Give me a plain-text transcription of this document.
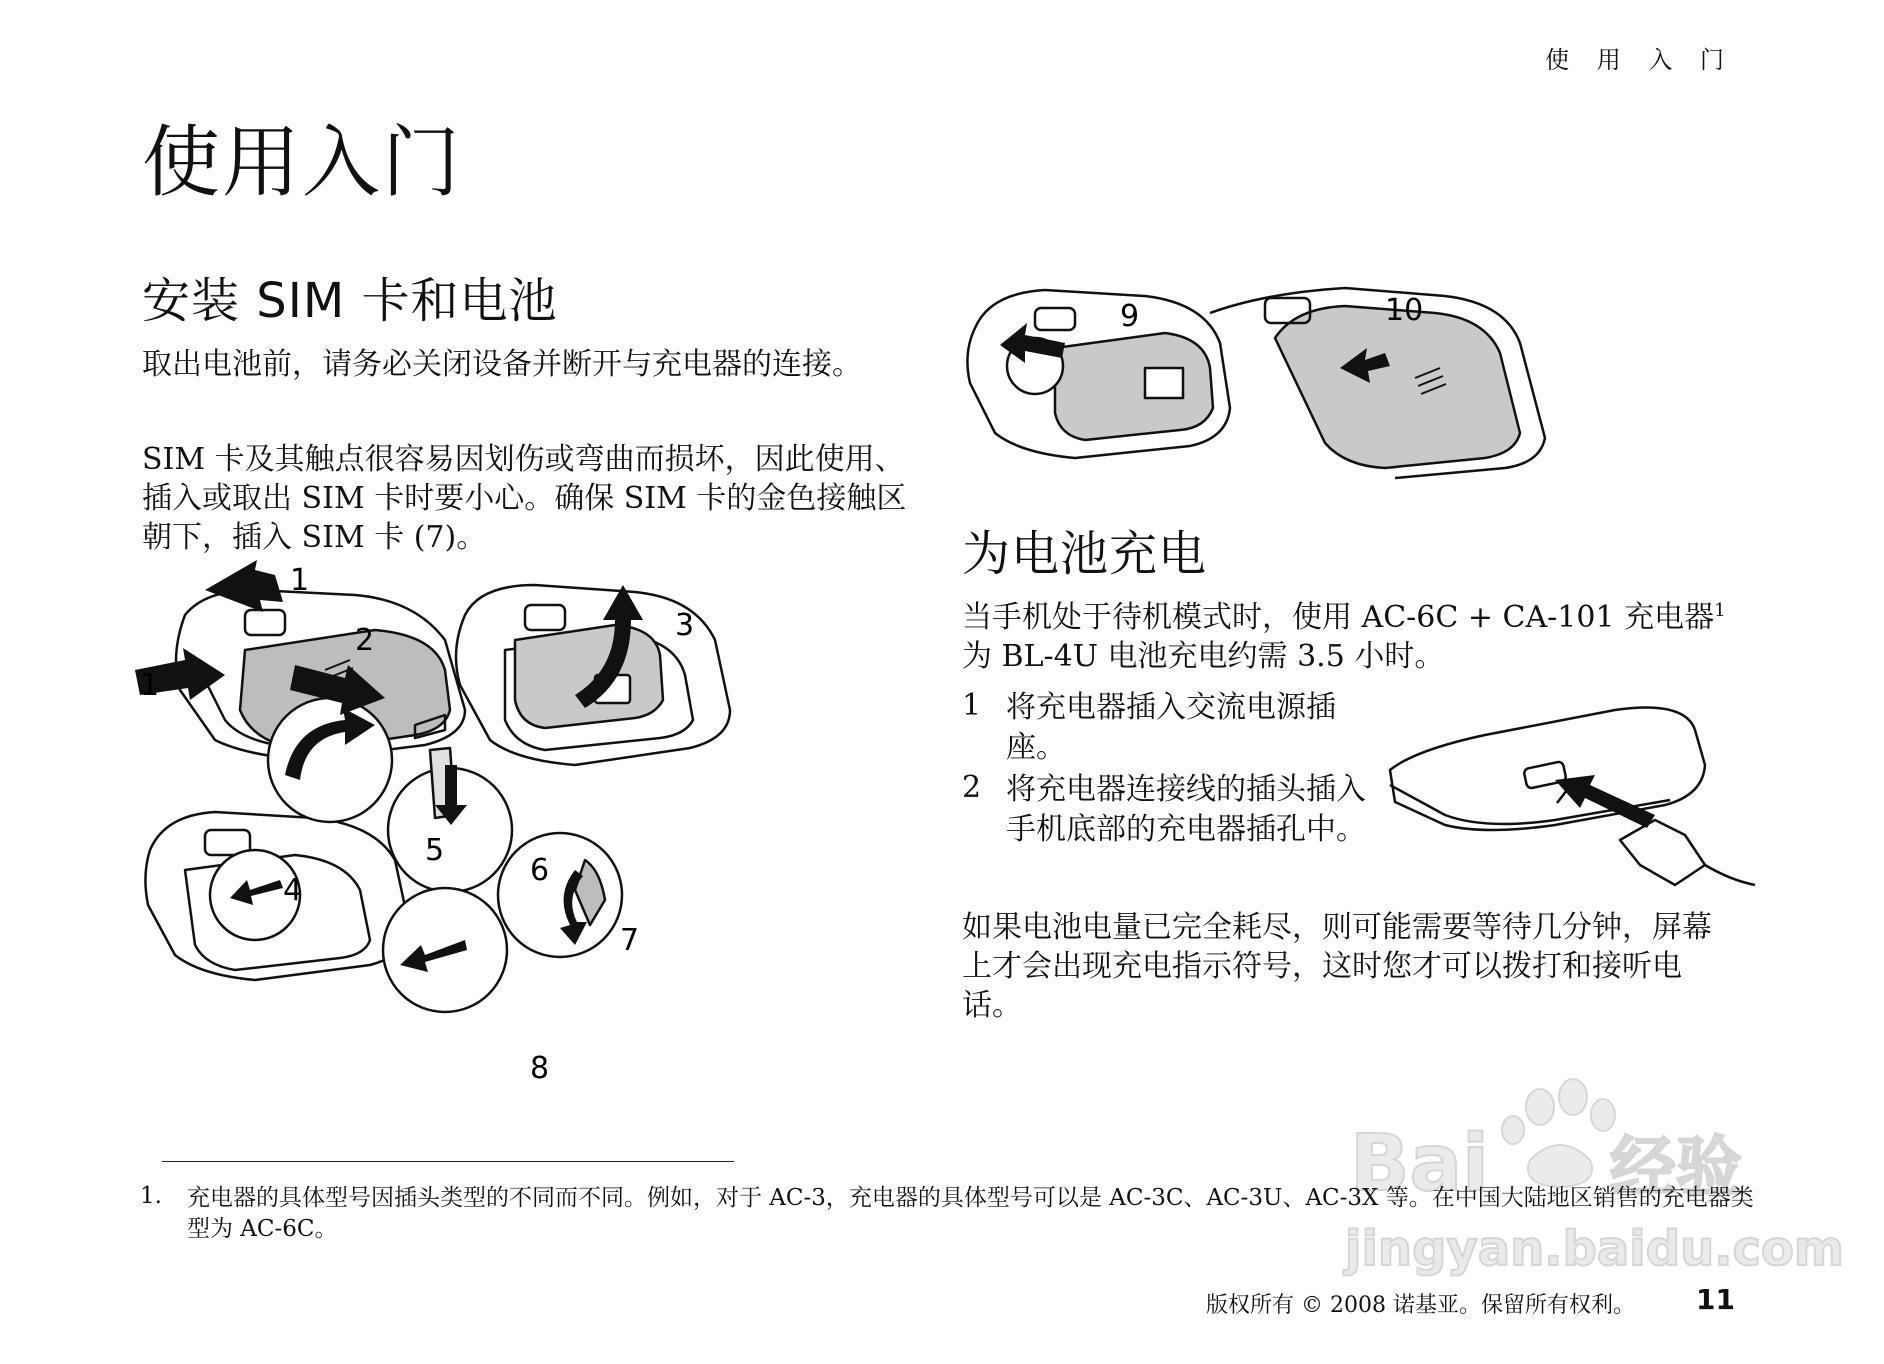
使 用 入 门
使用入门
安装 SIM 卡和电池
取出电池前，请务必关闭设备并断开与充电器的连接。
SIM 卡及其触点很容易因划伤或弯曲而损坏，因此使用、插入或取出 SIM 卡时要小心。确保 SIM 卡的金色接触区朝下，插入 SIM 卡 (7)。
1
1
2	3
4
5
6
7
8
9	10
为电池充电
当手机处于待机模式时，使用 AC-6C + CA-101 充电器$^1$ 为 BL-4U 电池充电约需 3.5 小时。
1 将充电器插入交流电源插座。
2 将充电器连接线的插头插入手机底部的充电器插孔中。
如果电池电量已完全耗尽，则可能需要等待几分钟，屏幕上才会出现充电指示符号，这时您才可以拨打和接听电话。
Bai 经验
jingyan.baidu.com
1. 充电器的具体型号因插头类型的不同而不同。例如，对于 AC-3，充电器的具体型号可以是 AC-3C、AC-3U、AC-3X 等。在中国大陆地区销售的充电器类型为 AC-6C。
版权所有 © 2008 诺基亚。保留所有权利。 11
